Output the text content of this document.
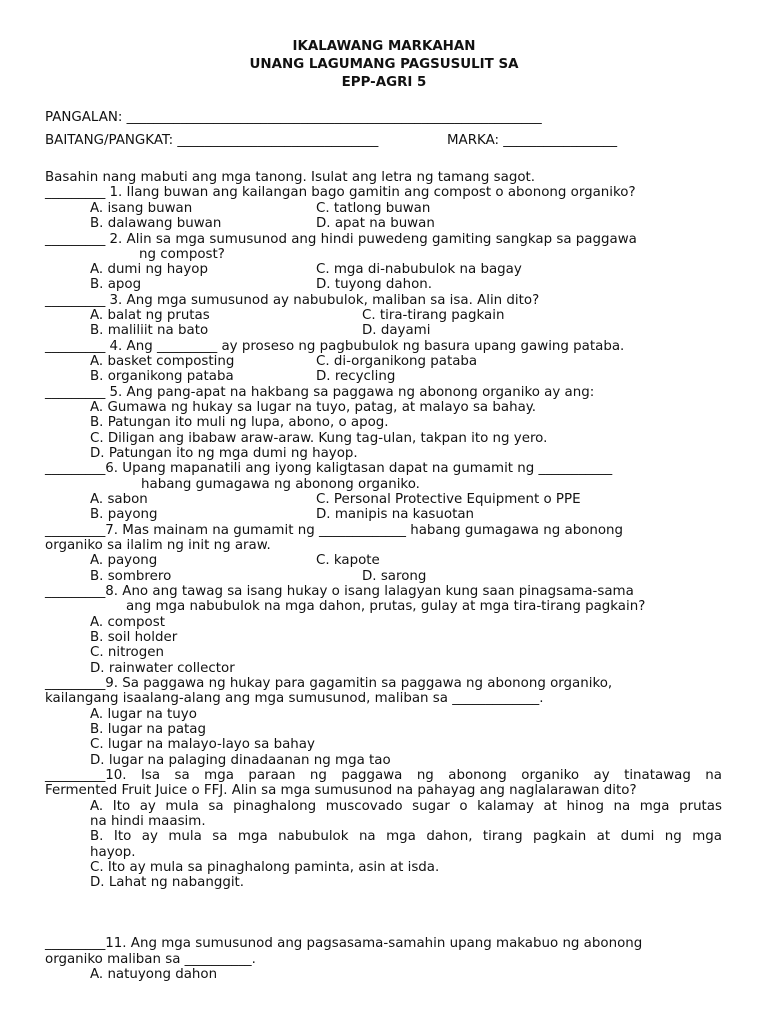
IKALAWANG MARKAHAN
UNANG LAGUMANG PAGSUSULIT SA
EPP-AGRI 5
PANGALAN: ______________________________________________________________
BAITANG/PANGKAT: ______________________________	MARKA: _________________
Basahin nang mabuti ang mga tanong. Isulat ang letra ng tamang sagot.
_________ 1. Ilang buwan ang kailangan bago gamitin ang compost o abonong organiko?
A. isang buwan	C. tatlong buwan
B. dalawang buwan	D. apat na buwan
_________ 2. Alin sa mga sumusunod ang hindi puwedeng gamiting sangkap sa paggawa
ng compost?
A. dumi ng hayop	C. mga di-nabubulok na bagay
B. apog	D. tuyong dahon.
_________ 3. Ang mga sumusunod ay nabubulok, maliban sa isa. Alin dito?
A. balat ng prutas	C. tira-tirang pagkain
B. maliliit na bato	D. dayami
_________ 4. Ang _________ ay proseso ng pagbubulok ng basura upang gawing pataba.
A. basket composting	C. di-organikong pataba
B. organikong pataba	D. recycling
_________ 5. Ang pang-apat na hakbang sa paggawa ng abonong organiko ay ang:
A. Gumawa ng hukay sa lugar na tuyo, patag, at malayo sa bahay.
B. Patungan ito muli ng lupa, abono, o apog.
C. Diligan ang ibabaw araw-araw. Kung tag-ulan, takpan ito ng yero.
D. Patungan ito ng mga dumi ng hayop.
_________6. Upang mapanatili ang iyong kaligtasan dapat na gumamit ng ___________
habang gumagawa ng abonong organiko.
A. sabon	C. Personal Protective Equipment o PPE
B. payong	D. manipis na kasuotan
_________7. Mas mainam na gumamit ng _____________ habang gumagawa ng abonong
organiko sa ilalim ng init ng araw.
A. payong	C. kapote
B. sombrero	D. sarong
_________8. Ano ang tawag sa isang hukay o isang lalagyan kung saan pinagsama-sama
ang mga nabubulok na mga dahon, prutas, gulay at mga tira-tirang pagkain?
A. compost
B. soil holder
C. nitrogen
D. rainwater collector
_________9. Sa paggawa ng hukay para gagamitin sa paggawa ng abonong organiko,
kailangang isaalang-alang ang mga sumusunod, maliban sa _____________.
A. lugar na tuyo
B. lugar na patag
C. lugar na malayo-layo sa bahay
D. lugar na palaging dinadaanan ng mga tao
_________10. Isa sa mga paraan ng paggawa ng abonong organiko ay tinatawag na
Fermented Fruit Juice o FFJ. Alin sa mga sumusunod na pahayag ang naglalarawan dito?
A. Ito ay mula sa pinaghalong muscovado sugar o kalamay at hinog na mga prutas
na hindi maasim.
B. Ito ay mula sa mga nabubulok na mga dahon, tirang pagkain at dumi ng mga
hayop.
C. Ito ay mula sa pinaghalong paminta, asin at isda.
D. Lahat ng nabanggit.
_________11. Ang mga sumusunod ang pagsasama-samahin upang makabuo ng abonong
organiko maliban sa __________.
A. natuyong dahon
